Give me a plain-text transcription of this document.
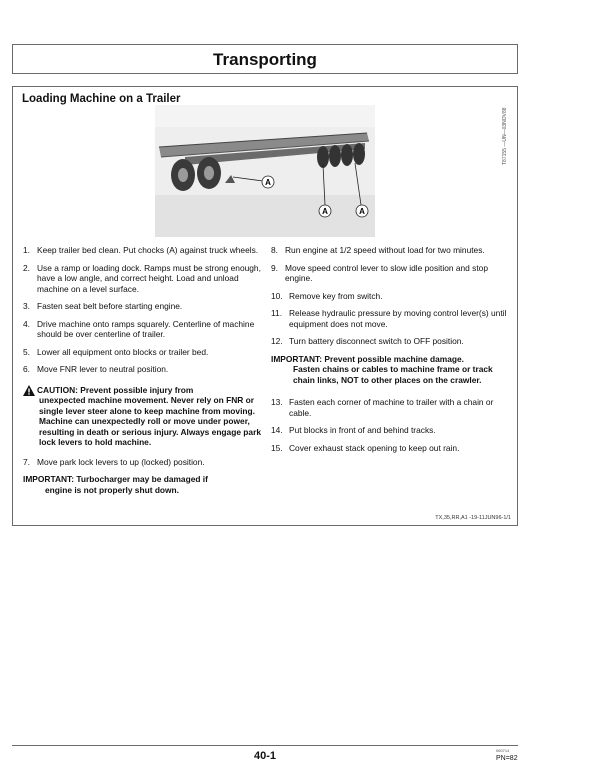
Transporting
Loading Machine on a Trailer
A
A	A
T87155 —UN—03NOV88
1. Keep trailer bed clean. Put chocks (A) against truck wheels.
2. Use a ramp or loading dock. Ramps must be strong enough, have a low angle, and correct height. Load and unload machine on a level surface.
3. Fasten seat belt before starting engine.
4. Drive machine onto ramps squarely. Centerline of machine should be over centerline of trailer.
5. Lower all equipment onto blocks or trailer bed.
6. Move FNR lever to neutral position.
CAUTION: Prevent possible injury from
unexpected machine movement. Never rely on FNR or single lever steer alone to keep machine from moving. Machine can unexpectedly roll or move under power, resulting in death or serious injury. Always engage park lock levers to hold machine.
7. Move park lock levers to up (locked) position.
IMPORTANT: Turbocharger may be damaged if
engine is not properly shut down.
8. Run engine at 1/2 speed without load for two minutes.
9. Move speed control lever to slow idle position and stop engine.
10. Remove key from switch.
11. Release hydraulic pressure by moving control lever(s) until equipment does not move.
12. Turn battery disconnect switch to OFF position.
IMPORTANT: Prevent possible machine damage.
Fasten chains or cables to machine frame or track chain links, NOT to other places on the crawler.
13. Fasten each corner of machine to trailer with a chain or cable.
14. Put blocks in front of and behind tracks.
15. Cover exhaust stack opening to keep out rain.
TX,35,RR,A1 -19-11JUN96-1/1
40-1	060714
PN=82
